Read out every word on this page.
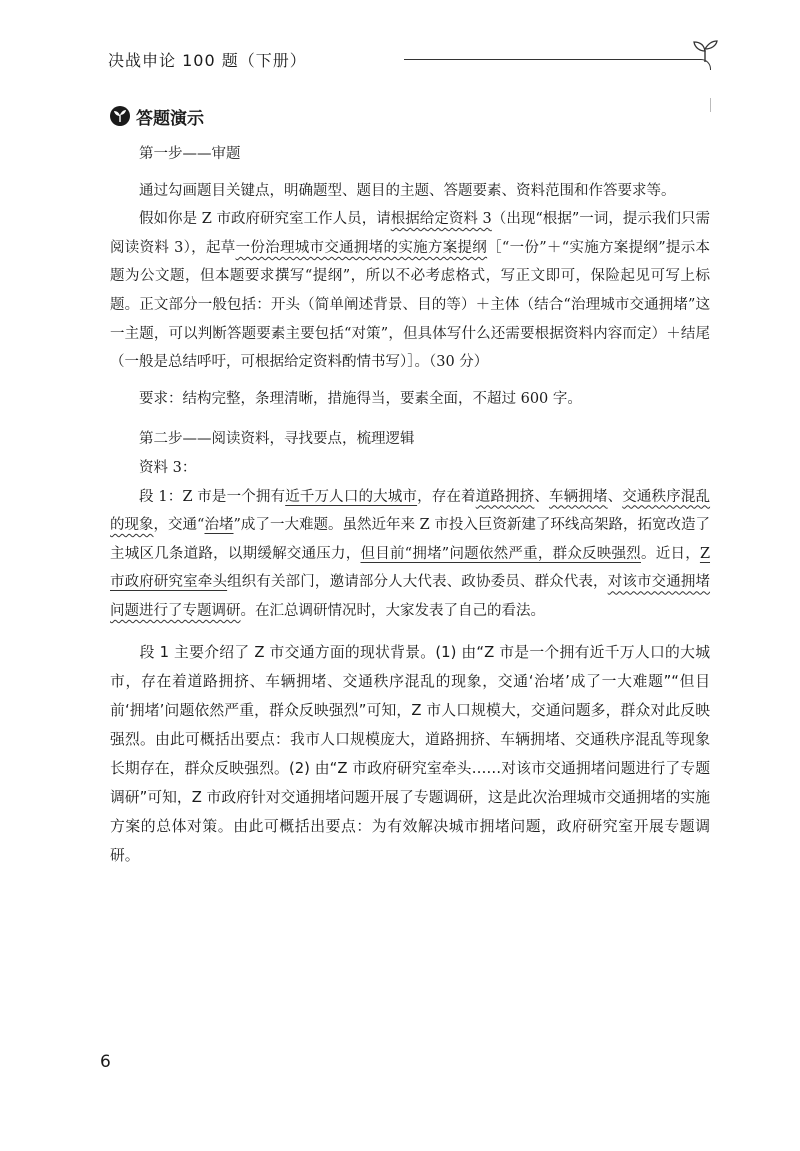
决战申论 100 题（下册）
答题演示

第一步——审题

通过勾画题目关键点，明确题型、题目的主题、答题要素、资料范围和作答要求等。

假如你是 Z 市政府研究室工作人员，请根据给定资料 3（出现“根据”一词，提示我们只需阅读资料 3），起草一份治理城市交通拥堵的实施方案提纲［“一份”＋“实施方案提纲”提示本题为公文题，但本题要求撰写“提纲”，所以不必考虑格式，写正文即可，保险起见可写上标题。正文部分一般包括：开头（简单阐述背景、目的等）＋主体（结合“治理城市交通拥堵”这一主题，可以判断答题要素主要包括“对策”，但具体写什么还需要根据资料内容而定）＋结尾（一般是总结呼吁，可根据给定资料酌情书写）］。（30 分）

要求：结构完整，条理清晰，措施得当，要素全面，不超过 600 字。

第二步——阅读资料，寻找要点，梳理逻辑

资料 3：

段 1：Z 市是一个拥有近千万人口的大城市，存在着道路拥挤、车辆拥堵、交通秩序混乱的现象，交通“治堵”成了一大难题。虽然近年来 Z 市投入巨资新建了环线高架路，拓宽改造了主城区几条道路，以期缓解交通压力，但目前“拥堵”问题依然严重，群众反映强烈。近日，Z 市政府研究室牵头组织有关部门，邀请部分人大代表、政协委员、群众代表，对该市交通拥堵问题进行了专题调研。在汇总调研情况时，大家发表了自己的看法。

段 1 主要介绍了 Z 市交通方面的现状背景。(1) 由“Z 市是一个拥有近千万人口的大城市，存在着道路拥挤、车辆拥堵、交通秩序混乱的现象，交通‘治堵’成了一大难题”“但目前‘拥堵’问题依然严重，群众反映强烈”可知，Z 市人口规模大，交通问题多，群众对此反映强烈。由此可概括出要点：我市人口规模庞大，道路拥挤、车辆拥堵、交通秩序混乱等现象长期存在，群众反映强烈。(2) 由“Z 市政府研究室牵头……对该市交通拥堵问题进行了专题调研”可知，Z 市政府针对交通拥堵问题开展了专题调研，这是此次治理城市交通拥堵的实施方案的总体对策。由此可概括出要点：为有效解决城市拥堵问题，政府研究室开展专题调研。

6
